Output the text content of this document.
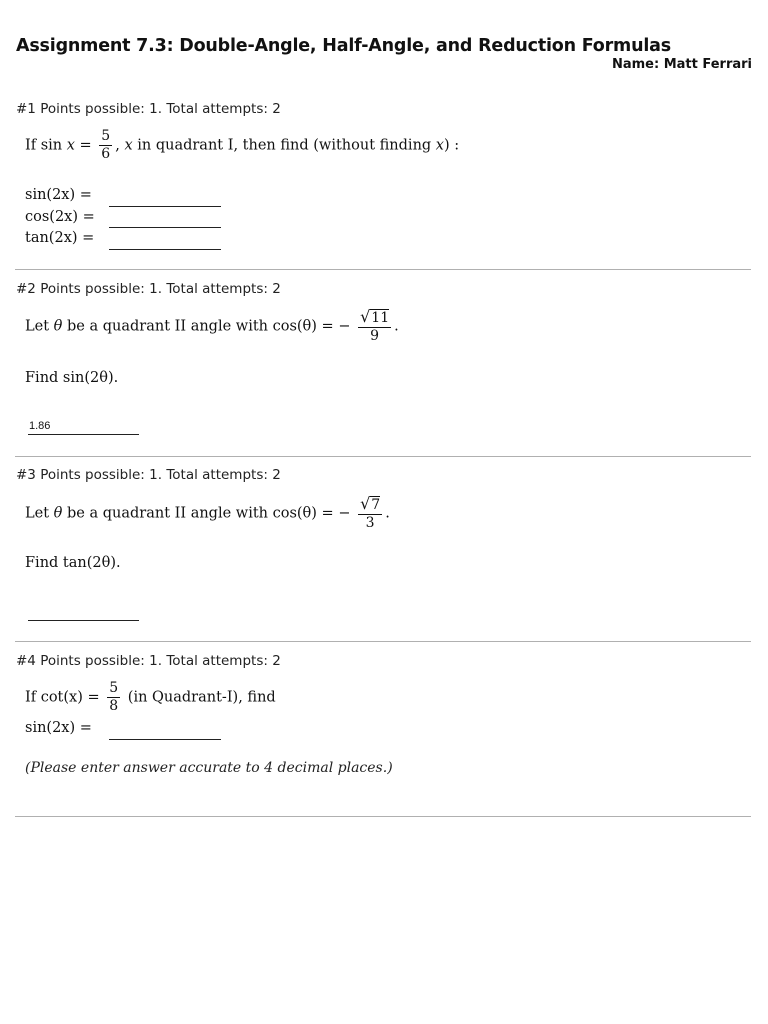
Assignment 7.3: Double-Angle, Half-Angle, and Reduction Formulas
Name: Matt Ferrari
#1 Points possible: 1. Total attempts: 2
If $\sin x = \frac{5}{6}$ , x in quadrant I, then find (without finding x) :
sin(2x) =
cos(2x) =
tan(2x) =
#2 Points possible: 1. Total attempts: 2
Let θ be a quadrant II angle with cos(θ) = − $\frac{√11}{9}$ .
Find sin(2θ).
1.86
#3 Points possible: 1. Total attempts: 2
Let θ be a quadrant II angle with cos(θ) = − $\frac{√7}{3}$ .
Find tan(2θ).
#4 Points possible: 1. Total attempts: 2
If $\cot(x) = \frac{5}{8} (in$ Quadrant-I), find
sin(2x) =
(Please enter answer accurate to 4 decimal places.)
